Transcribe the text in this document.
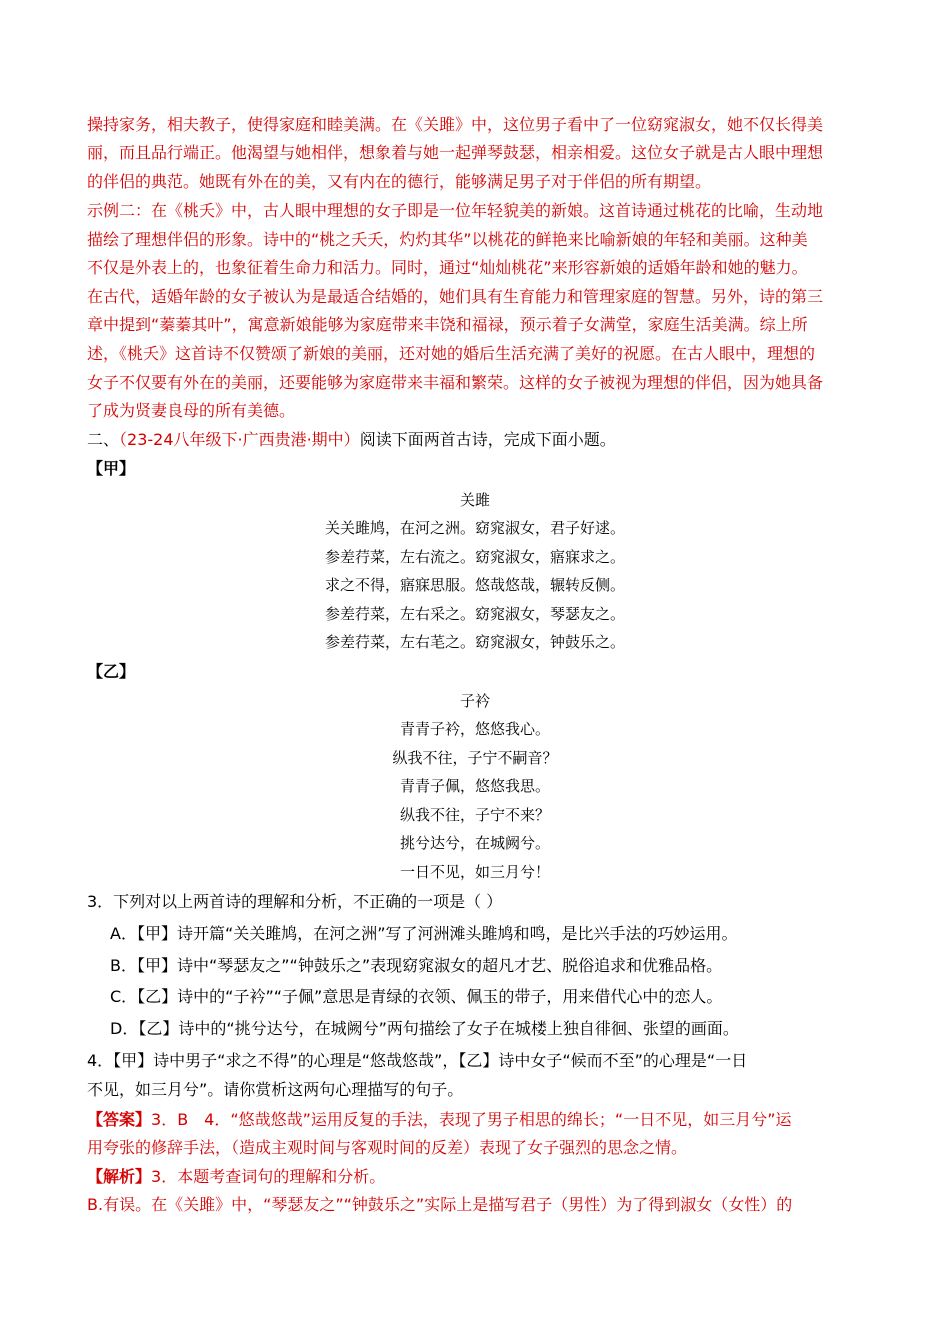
操持家务，相夫教子，使得家庭和睦美满。在《关雎》中，这位男子看中了一位窈窕淑女，她不仅长得美
丽，而且品行端正。他渴望与她相伴，想象着与她一起弹琴鼓瑟，相亲相爱。这位女子就是古人眼中理想
的伴侣的典范。她既有外在的美，又有内在的德行，能够满足男子对于伴侣的所有期望。
示例二：在《桃夭》中，古人眼中理想的女子即是一位年轻貌美的新娘。这首诗通过桃花的比喻，生动地
描绘了理想伴侣的形象。诗中的“桃之夭夭，灼灼其华”以桃花的鲜艳来比喻新娘的年轻和美丽。这种美
不仅是外表上的，也象征着生命力和活力。同时，通过“灿灿桃花”来形容新娘的适婚年龄和她的魅力。
在古代，适婚年龄的女子被认为是最适合结婚的，她们具有生育能力和管理家庭的智慧。另外，诗的第三
章中提到“蓁蓁其叶”，寓意新娘能够为家庭带来丰饶和福禄，预示着子女满堂，家庭生活美满。综上所
述，《桃夭》这首诗不仅赞颂了新娘的美丽，还对她的婚后生活充满了美好的祝愿。在古人眼中，理想的
女子不仅要有外在的美丽，还要能够为家庭带来丰福和繁荣。这样的女子被视为理想的伴侣，因为她具备
了成为贤妻良母的所有美德。
二、（23-24八年级下·广西贵港·期中）阅读下面两首古诗，完成下面小题。
【甲】
关雎
关关雎鸠，在河之洲。窈窕淑女，君子好逑。
参差荇菜，左右流之。窈窕淑女，寤寐求之。
求之不得，寤寐思服。悠哉悠哉，辗转反侧。
参差荇菜，左右采之。窈窕淑女，琴瑟友之。
参差荇菜，左右芼之。窈窕淑女，钟鼓乐之。
【乙】
子衿
青青子衿，悠悠我心。
纵我不往，子宁不嗣音？
青青子佩，悠悠我思。
纵我不往，子宁不来？
挑兮达兮，在城阙兮。
一日不见，如三月兮！
3．下列对以上两首诗的理解和分析，不正确的一项是（ ）
A．【甲】诗开篇“关关雎鸠，在河之洲”写了河洲滩头雎鸠和鸣，是比兴手法的巧妙运用。
B．【甲】诗中“琴瑟友之”“钟鼓乐之”表现窈窕淑女的超凡才艺、脱俗追求和优雅品格。
C．【乙】诗中的“子衿”“子佩”意思是青绿的衣领、佩玉的带子，用来借代心中的恋人。
D．【乙】诗中的“挑兮达兮，在城阙兮”两句描绘了女子在城楼上独自徘徊、张望的画面。
4．【甲】诗中男子“求之不得”的心理是“悠哉悠哉”，【乙】诗中女子“候而不至”的心理是“一日
不见，如三月兮”。请你赏析这两句心理描写的句子。
【答案】3．B　4．“悠哉悠哉”运用反复的手法，表现了男子相思的绵长；“一日不见，如三月兮”运
用夸张的修辞手法，（造成主观时间与客观时间的反差）表现了女子强烈的思念之情。
【解析】3．本题考查词句的理解和分析。
B.有误。在《关雎》中，“琴瑟友之”“钟鼓乐之”实际上是描写君子（男性）为了得到淑女（女性）的
